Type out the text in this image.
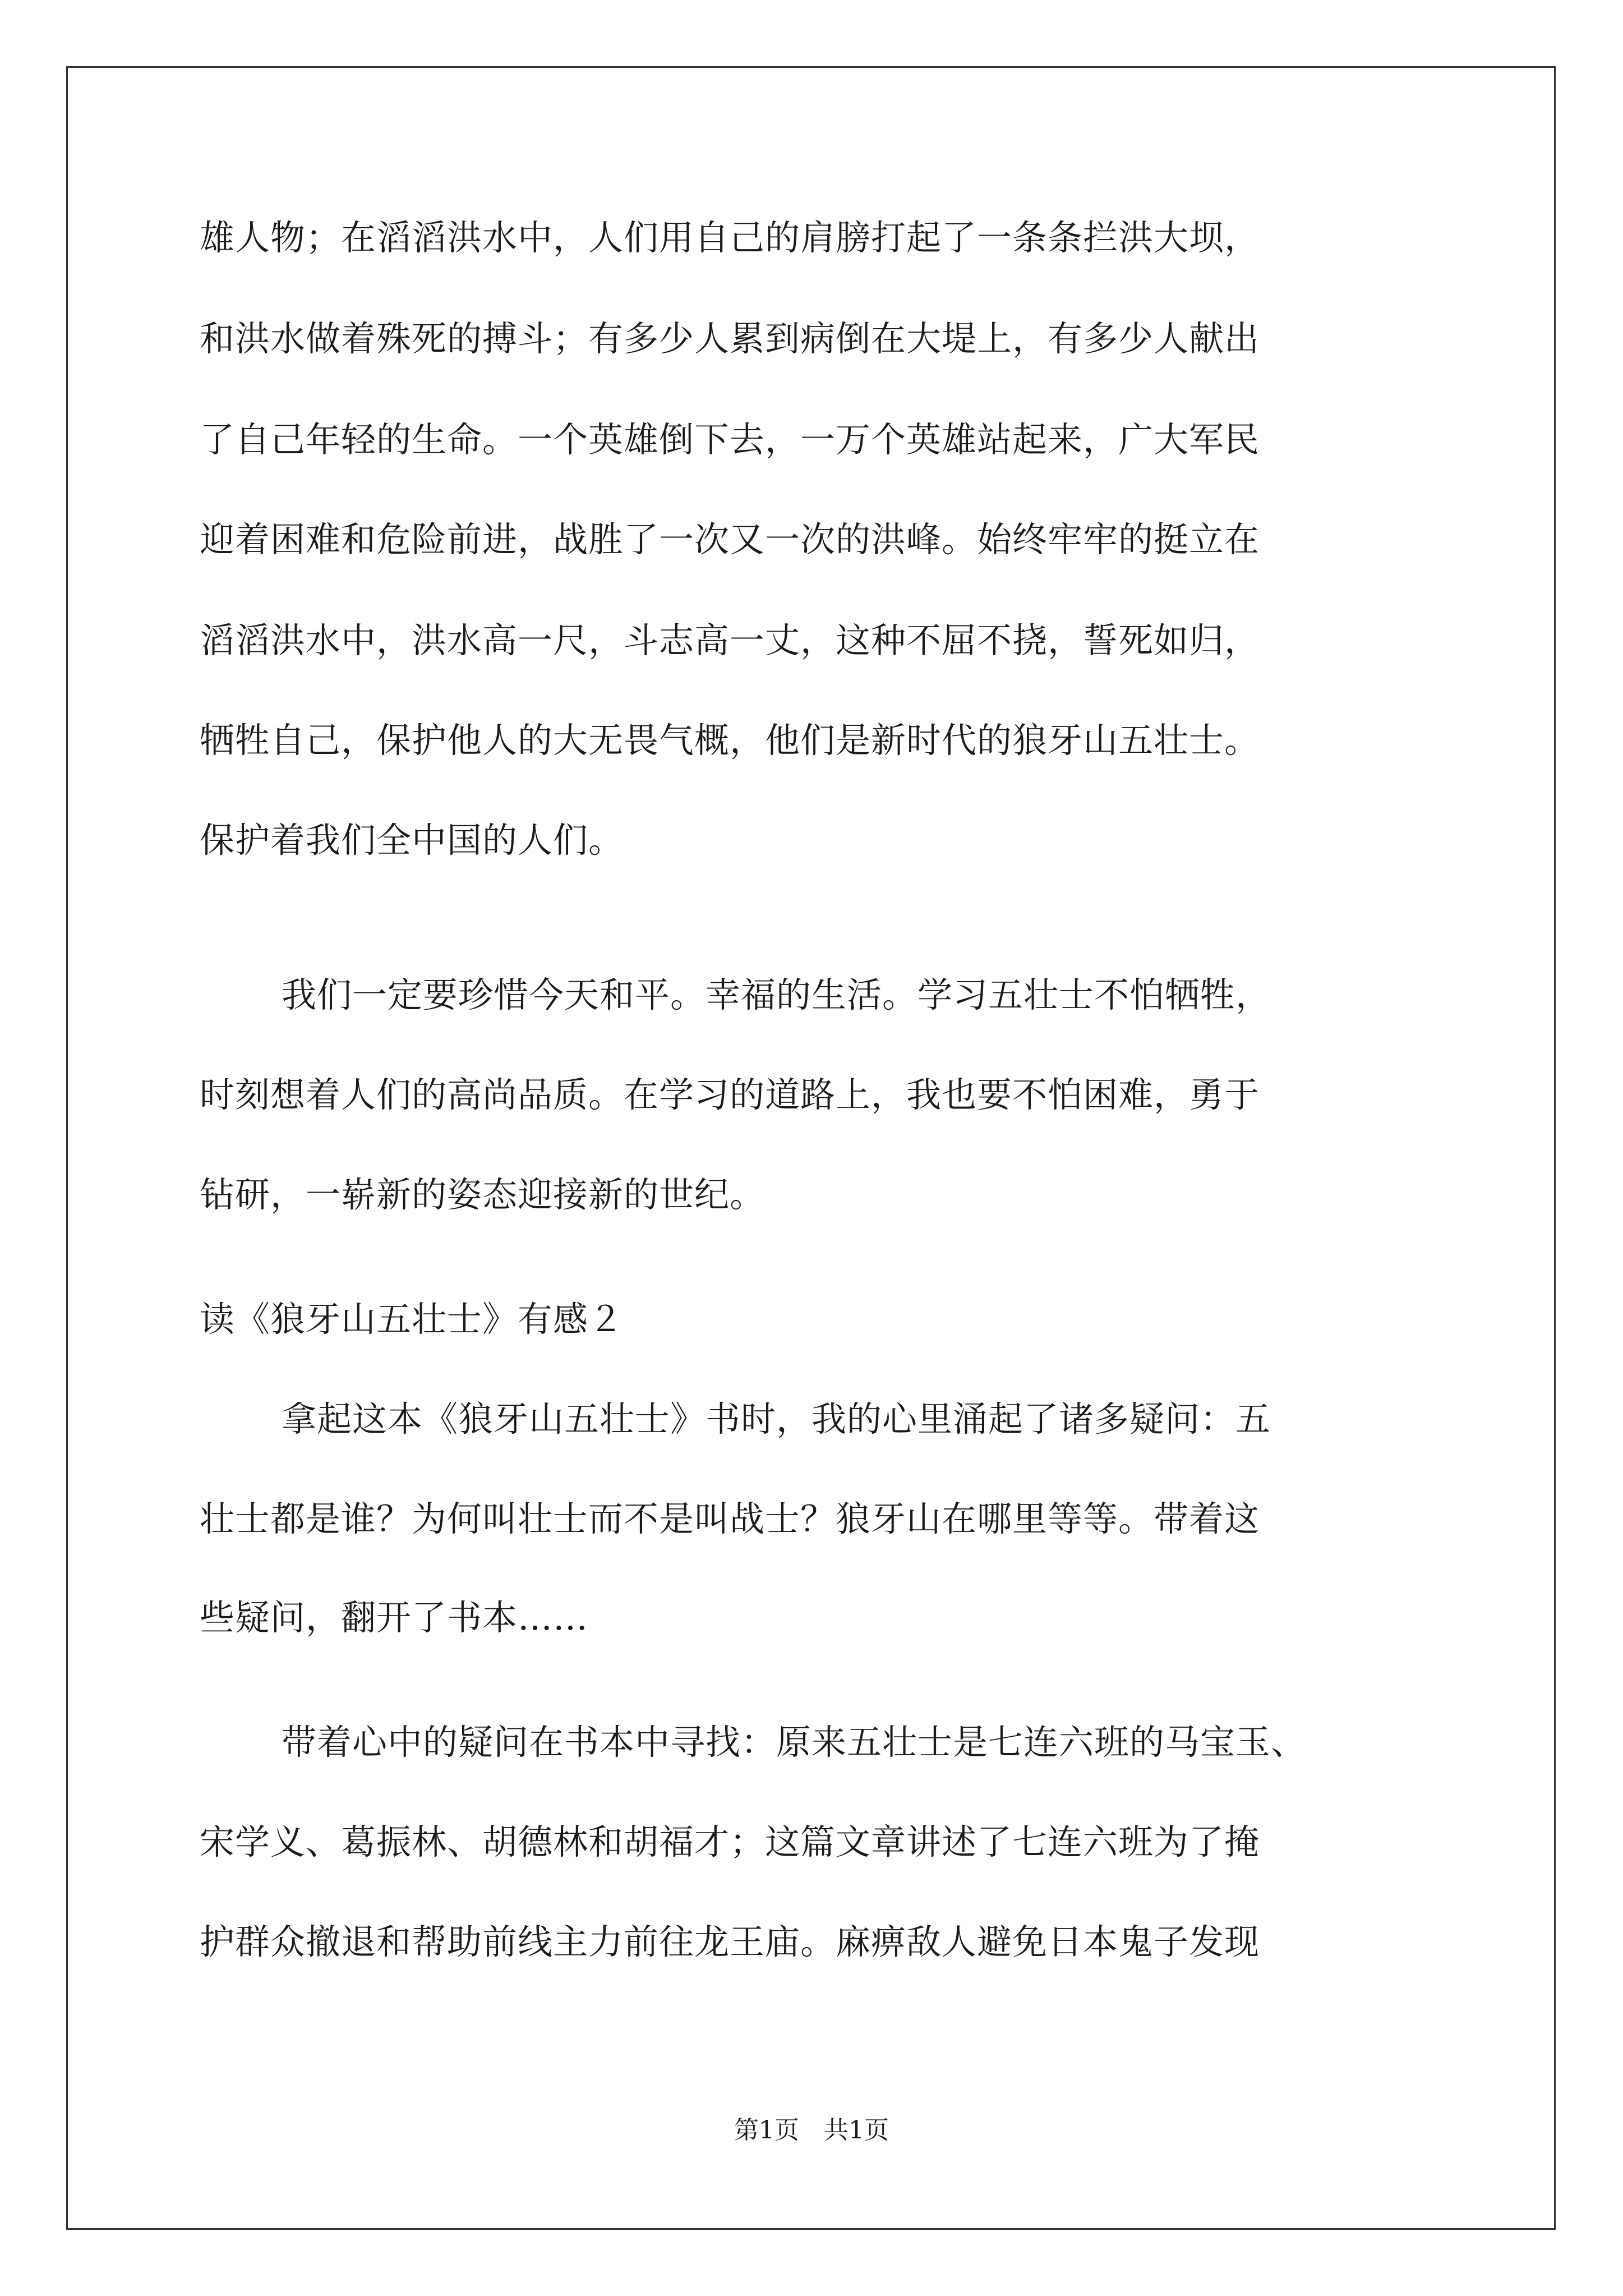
雄人物；在滔滔洪水中，人们用自己的肩膀打起了一条条拦洪大坝，
和洪水做着殊死的搏斗；有多少人累到病倒在大堤上，有多少人献出
了自己年轻的生命。一个英雄倒下去，一万个英雄站起来，广大军民
迎着困难和危险前进，战胜了一次又一次的洪峰。始终牢牢的挺立在
滔滔洪水中，洪水高一尺，斗志高一丈，这种不屈不挠，誓死如归，
牺牲自己，保护他人的大无畏气概，他们是新时代的狼牙山五壮士。
保护着我们全中国的人们。
我们一定要珍惜今天和平。幸福的生活。学习五壮士不怕牺牲，
时刻想着人们的高尚品质。在学习的道路上，我也要不怕困难，勇于
钻研，一崭新的姿态迎接新的世纪。
读《狼牙山五壮士》有感２
拿起这本《狼牙山五壮士》书时，我的心里涌起了诸多疑问：五
壮士都是谁？为何叫壮士而不是叫战士？狼牙山在哪里等等。带着这
些疑问，翻开了书本……
带着心中的疑问在书本中寻找：原来五壮士是七连六班的马宝玉、
宋学义、葛振林、胡德林和胡福才；这篇文章讲述了七连六班为了掩
护群众撤退和帮助前线主力前往龙王庙。麻痹敌人避免日本鬼子发现
第1页　共1页
